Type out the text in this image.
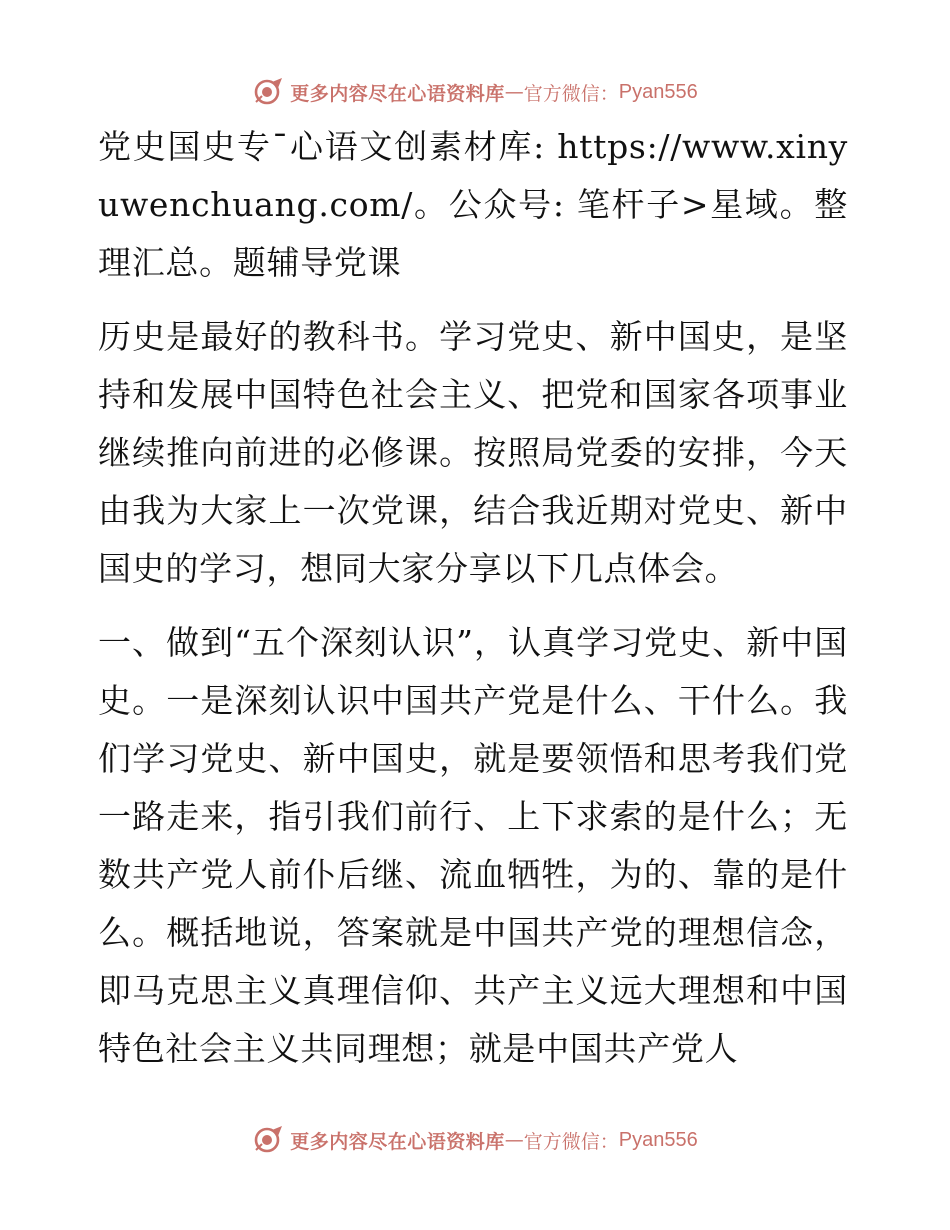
更多内容尽在心语资料库 — 官方微信： Pyan556

党史国史专¯心语文创素材库: https://www.xinyuwenchuang.com/。公众号: 笔杆子>星域。整理汇总。题辅导党课

历史是最好的教科书。学习党史、新中国史，是坚持和发展中国特色社会主义、把党和国家各项事业继续推向前进的必修课。按照局党委的安排，今天由我为大家上一次党课，结合我近期对党史、新中国史的学习，想同大家分享以下几点体会。

一、做到“五个深刻认识”，认真学习党史、新中国史。一是深刻认识中国共产党是什么、干什么。我们学习党史、新中国史，就是要领悟和思考我们党一路走来，指引我们前行、上下求索的是什么；无数共产党人前仆后继、流血牺牲，为的、靠的是什么。概括地说，答案就是中国共产党的理想信念，即马克思主义真理信仰、共产主义远大理想和中国特色社会主义共同理想；就是中国共产党人

更多内容尽在心语资料库 — 官方微信： Pyan556
